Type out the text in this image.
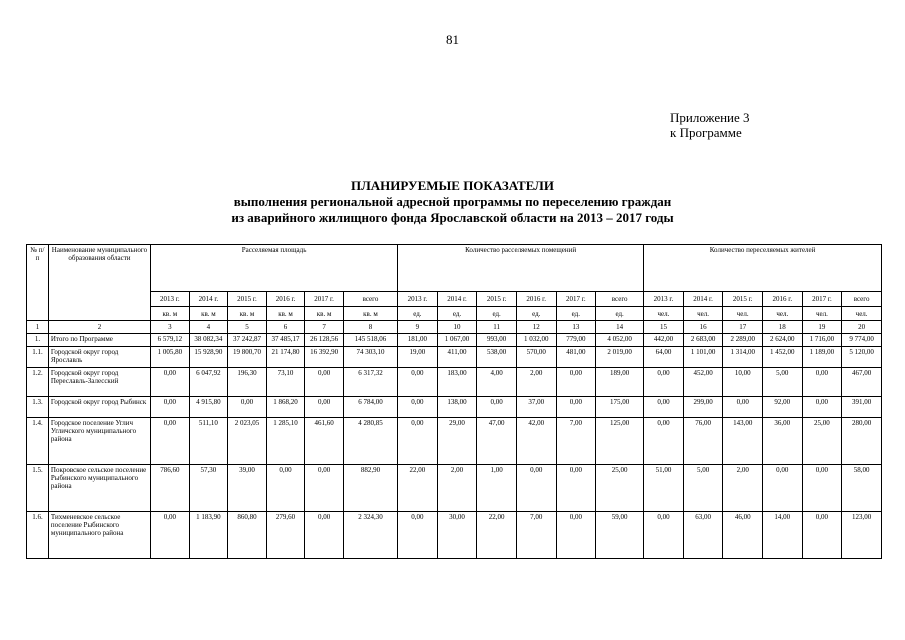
81
Приложение 3
к Программе
ПЛАНИРУЕМЫЕ ПОКАЗАТЕЛИ
выполнения региональной адресной программы по переселению граждан
из аварийного жилищного фонда Ярославской области на 2013 – 2017 годы
№ п/п	Наименование муниципального образования области	Расселяемая площадь						Количество расселяемых помещений						Количество переселяемых жителей					
		2013 г.	2014 г.	2015 г.	2016 г.	2017 г.	всего	2013 г.	2014 г.	2015 г.	2016 г.	2017 г.	всего	2013 г.	2014 г.	2015 г.	2016 г.	2017 г.	всего
		кв. м	кв. м	кв. м	кв. м	кв. м	кв. м	ед.	ед.	ед.	ед.	ед.	ед.	чел.	чел.	чел.	чел.	чел.	чел.
1	2	3	4	5	6	7	8	9	10	11	12	13	14	15	16	17	18	19	20
1.	Итого по Программе	6 579,12	38 082,34	37 242,87	37 485,17	26 128,56	145 518,06	181,00	1 067,00	993,00	1 032,00	779,00	4 052,00	442,00	2 683,00	2 289,00	2 624,00	1 716,00	9 774,00
1.1.	Городской округ город Ярославль	1 005,80	15 928,90	19 800,70	21 174,80	16 392,90	74 303,10	19,00	411,00	538,00	570,00	481,00	2 019,00	64,00	1 101,00	1 314,00	1 452,00	1 189,00	5 120,00
1.2.	Городской округ город Переславль-Залесский	0,00	6 047,92	196,30	73,10	0,00	6 317,32	0,00	183,00	4,00	2,00	0,00	189,00	0,00	452,00	10,00	5,00	0,00	467,00
1.3.	Городской округ город Рыбинск	0,00	4 915,80	0,00	1 868,20	0,00	6 784,00	0,00	138,00	0,00	37,00	0,00	175,00	0,00	299,00	0,00	92,00	0,00	391,00
1.4.	Городское поселение Углич Угличского муниципального района	0,00	511,10	2 023,05	1 285,10	461,60	4 280,85	0,00	29,00	47,00	42,00	7,00	125,00	0,00	76,00	143,00	36,00	25,00	280,00
1.5.	Покровское сельское поселение Рыбинского муниципального района	786,60	57,30	39,00	0,00	0,00	882,90	22,00	2,00	1,00	0,00	0,00	25,00	51,00	5,00	2,00	0,00	0,00	58,00
1.6.	Тихменевское сельское поселение Рыбинского муниципального района	0,00	1 183,90	860,80	279,60	0,00	2 324,30	0,00	30,00	22,00	7,00	0,00	59,00	0,00	63,00	46,00	14,00	0,00	123,00
